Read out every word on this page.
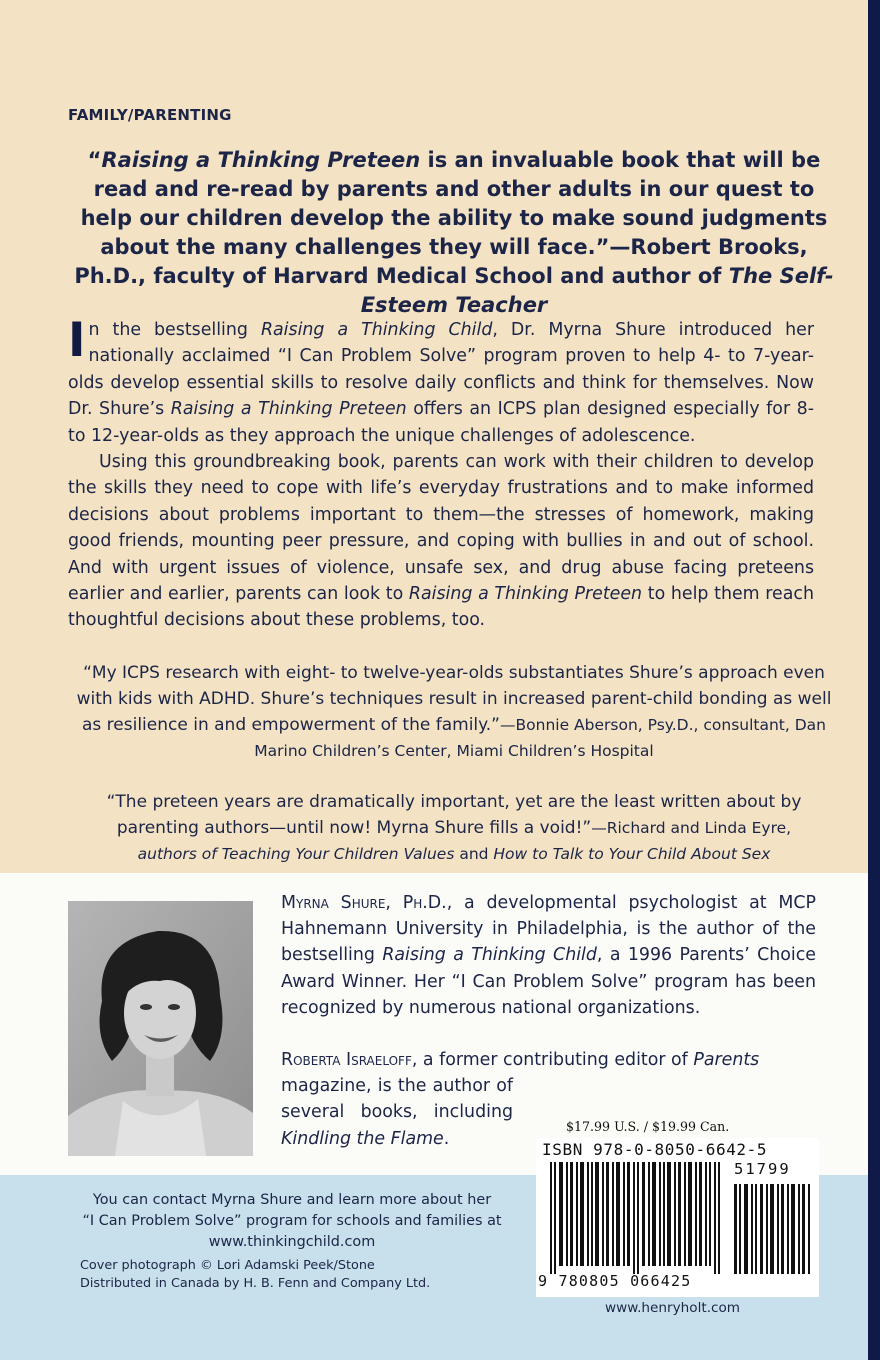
FAMILY/PARENTING
“Raising a Thinking Preteen is an invaluable book that will be read and re-read by parents and other adults in our quest to help our children develop the ability to make sound judgments about the many challenges they will face.”—Robert Brooks, Ph.D., faculty of Harvard Medical School and author of The Self-Esteem Teacher

In the bestselling Raising a Thinking Child, Dr. Myrna Shure introduced her nationally acclaimed “I Can Problem Solve” program proven to help 4- to 7-year-olds develop essential skills to resolve daily conflicts and think for themselves. Now Dr. Shure’s Raising a Thinking Preteen offers an ICPS plan designed especially for 8- to 12-year-olds as they approach the unique challenges of adolescence.

Using this groundbreaking book, parents can work with their children to develop the skills they need to cope with life’s everyday frustrations and to make informed decisions about problems important to them—the stresses of homework, making good friends, mounting peer pressure, and coping with bullies in and out of school. And with urgent issues of violence, unsafe sex, and drug abuse facing preteens earlier and earlier, parents can look to Raising a Thinking Preteen to help them reach thoughtful decisions about these problems, too.

“My ICPS research with eight- to twelve-year-olds substantiates Shure’s approach even with kids with ADHD. Shure’s techniques result in increased parent-child bonding as well as resilience in and empowerment of the family.”—Bonnie Aberson, Psy.D., consultant, Dan Marino Children’s Center, Miami Children’s Hospital
“The preteen years are dramatically important, yet are the least written about by parenting authors—until now! Myrna Shure fills a void!”—Richard and Linda Eyre,
authors of Teaching Your Children Values and How to Talk to Your Child About Sex

Myrna Shure, Ph.D., a developmental psychologist at MCP Hahnemann University in Philadelphia, is the author of the bestselling Raising a Thinking Child, a 1996 Parents’ Choice Award Winner. Her “I Can Problem Solve” program has been recognized by numerous national organizations.

Roberta Israeloff, a former contributing editor of Parents

magazine, is the author of several books, including Kindling the Flame.

You can contact Myrna Shure and learn more about her
“I Can Problem Solve” program for schools and families at
www.thinkingchild.com
Cover photograph © Lori Adamski Peek/Stone
Distributed in Canada by H. B. Fenn and Company Ltd.
$17.99 U.S. / $19.99 Can.
ISBN 978-0-8050-6642-5
51799
9 780805 066425
www.henryholt.com
